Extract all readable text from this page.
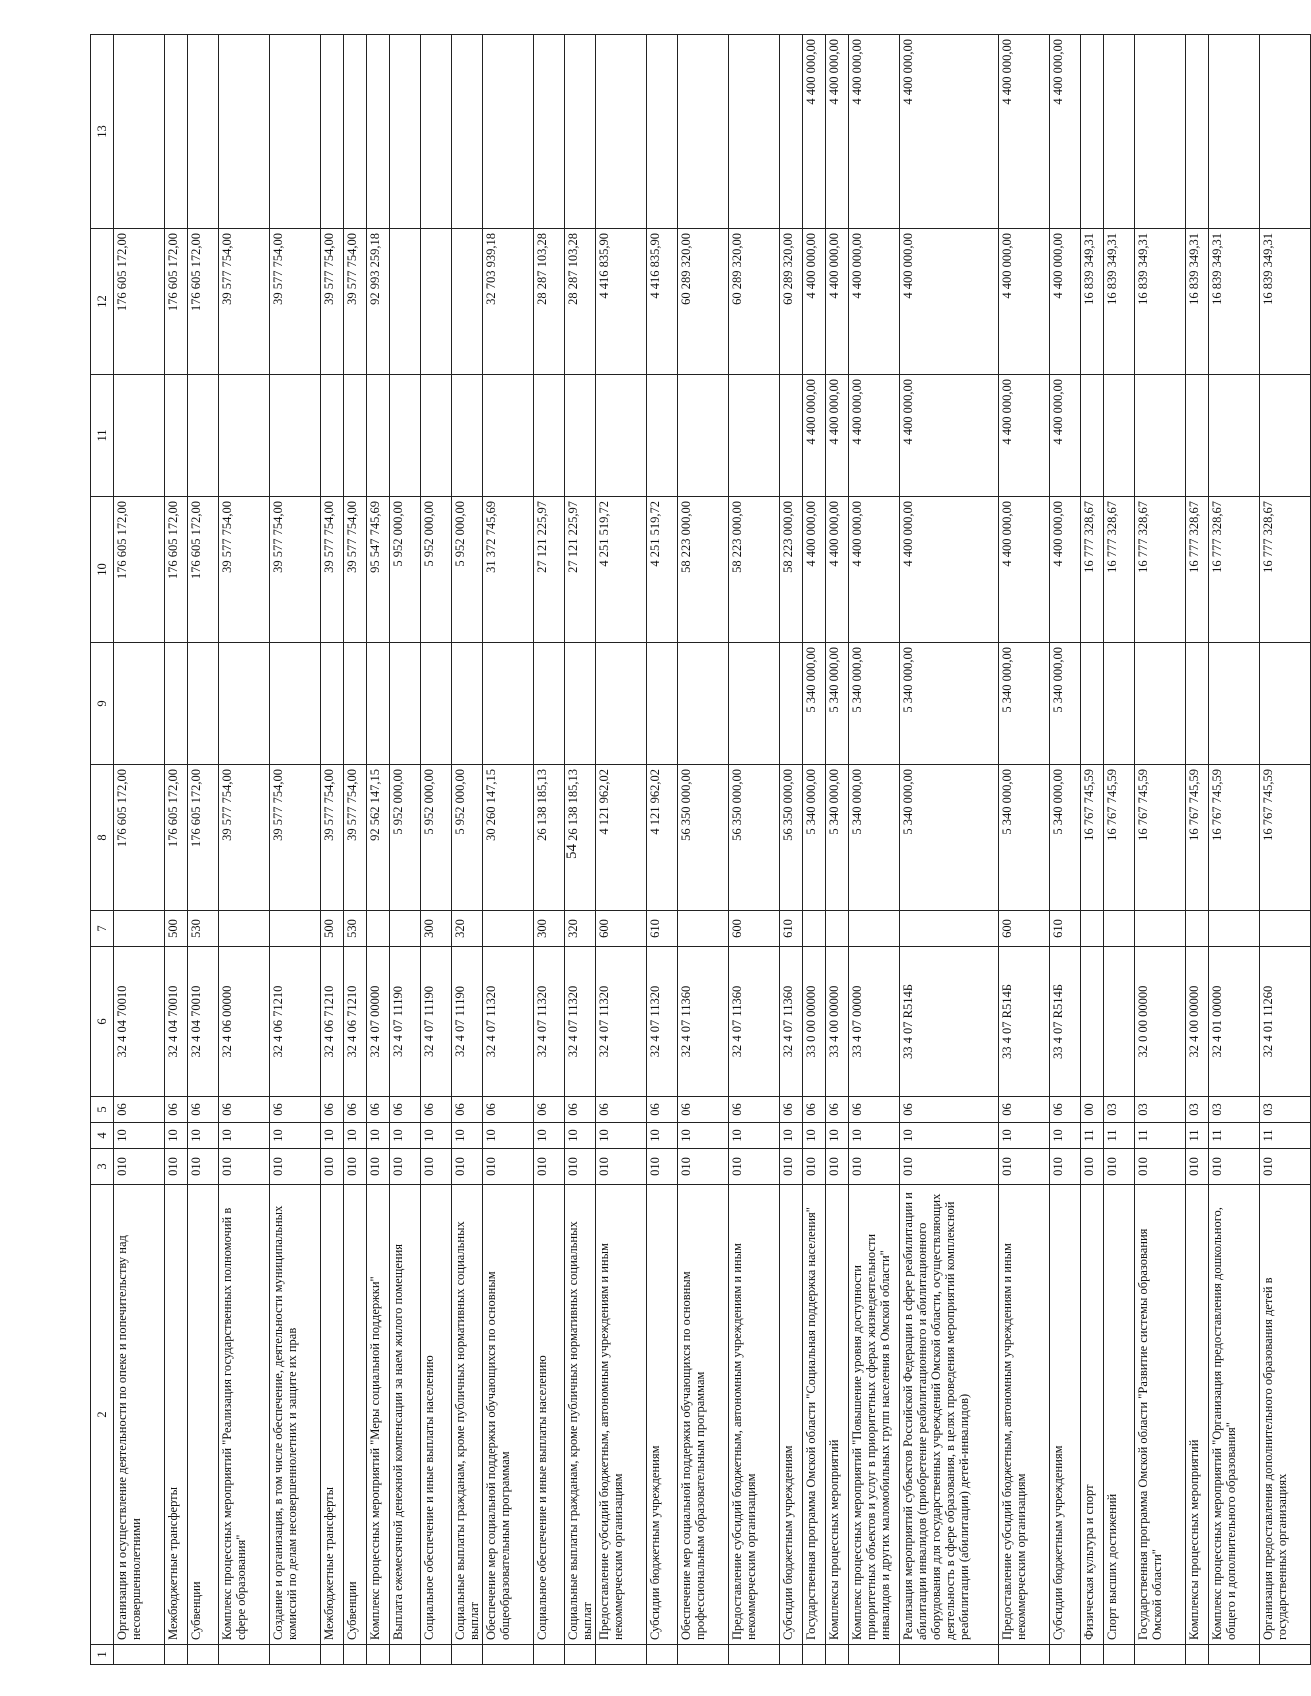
54
1	2	3	4	5	6	7	8	9	10	11	12	13
	Организация и осуществление деятельности по опеке и попечительству над несовершеннолетними	010	10	06	32 4 04 70010		176 605 172,00		176 605 172,00		176 605 172,00	
	Межбюджетные трансферты	010	10	06	32 4 04 70010	500	176 605 172,00		176 605 172,00		176 605 172,00	
	Субвенции	010	10	06	32 4 04 70010	530	176 605 172,00		176 605 172,00		176 605 172,00	
	Комплекс процессных мероприятий "Реализация государственных полномочий в сфере образования"	010	10	06	32 4 06 00000		39 577 754,00		39 577 754,00		39 577 754,00	
	Создание и организация, в том числе обеспечение, деятельности муниципальных комиссий по делам несовершеннолетних и защите их прав	010	10	06	32 4 06 71210		39 577 754,00		39 577 754,00		39 577 754,00	
	Межбюджетные трансферты	010	10	06	32 4 06 71210	500	39 577 754,00		39 577 754,00		39 577 754,00	
	Субвенции	010	10	06	32 4 06 71210	530	39 577 754,00		39 577 754,00		39 577 754,00	
	Комплекс процессных мероприятий "Меры социальной поддержки"	010	10	06	32 4 07 00000		92 562 147,15		95 547 745,69		92 993 259,18	
	Выплата ежемесячной денежной компенсации за наем жилого помещения	010	10	06	32 4 07 11190		5 952 000,00		5 952 000,00			
	Социальное обеспечение и иные выплаты населению	010	10	06	32 4 07 11190	300	5 952 000,00		5 952 000,00			
	Социальные выплаты гражданам, кроме публичных нормативных социальных выплат	010	10	06	32 4 07 11190	320	5 952 000,00		5 952 000,00			
	Обеспечение мер социальной поддержки обучающихся по основным общеобразовательным программам	010	10	06	32 4 07 11320		30 260 147,15		31 372 745,69		32 703 939,18	
	Социальное обеспечение и иные выплаты населению	010	10	06	32 4 07 11320	300	26 138 185,13		27 121 225,97		28 287 103,28	
	Социальные выплаты гражданам, кроме публичных нормативных социальных выплат	010	10	06	32 4 07 11320	320	26 138 185,13		27 121 225,97		28 287 103,28	
	Предоставление субсидий бюджетным, автономным учреждениям и иным некоммерческим организациям	010	10	06	32 4 07 11320	600	4 121 962,02		4 251 519,72		4 416 835,90	
	Субсидии бюджетным учреждениям	010	10	06	32 4 07 11320	610	4 121 962,02		4 251 519,72		4 416 835,90	
	Обеспечение мер социальной поддержки обучающихся по основным профессиональным образовательным программам	010	10	06	32 4 07 11360		56 350 000,00		58 223 000,00		60 289 320,00	
	Предоставление субсидий бюджетным, автономным учреждениям и иным некоммерческим организациям	010	10	06	32 4 07 11360	600	56 350 000,00		58 223 000,00		60 289 320,00	
	Субсидии бюджетным учреждениям	010	10	06	32 4 07 11360	610	56 350 000,00		58 223 000,00		60 289 320,00	
	Государственная программа Омской области "Социальная поддержка населения"	010	10	06	33 0 00 00000		5 340 000,00	5 340 000,00	4 400 000,00	4 400 000,00	4 400 000,00	4 400 000,00
	Комплексы процессных мероприятий	010	10	06	33 4 00 00000		5 340 000,00	5 340 000,00	4 400 000,00	4 400 000,00	4 400 000,00	4 400 000,00
	Комплекс процессных мероприятий "Повышение уровня доступности приоритетных объектов и услуг в приоритетных сферах жизнедеятельности инвалидов и других маломобильных групп населения в Омской области"	010	10	06	33 4 07 00000		5 340 000,00	5 340 000,00	4 400 000,00	4 400 000,00	4 400 000,00	4 400 000,00
	Реализация мероприятий субъектов Российской Федерации в сфере реабилитации и абилитации инвалидов (приобретение реабилитационного и абилитационного оборудования для государственных учреждений Омской области, осуществляющих деятельность в сфере образования, в целях проведения мероприятий комплексной реабилитации (абилитации) детей-инвалидов)	010	10	06	33 4 07 R514Б		5 340 000,00	5 340 000,00	4 400 000,00	4 400 000,00	4 400 000,00	4 400 000,00
	Предоставление субсидий бюджетным, автономным учреждениям и иным некоммерческим организациям	010	10	06	33 4 07 R514Б	600	5 340 000,00	5 340 000,00	4 400 000,00	4 400 000,00	4 400 000,00	4 400 000,00
	Субсидии бюджетным учреждениям	010	10	06	33 4 07 R514Б	610	5 340 000,00	5 340 000,00	4 400 000,00	4 400 000,00	4 400 000,00	4 400 000,00
	Физическая культура и спорт	010	11	00			16 767 745,59		16 777 328,67		16 839 349,31	
	Спорт высших достижений	010	11	03			16 767 745,59		16 777 328,67		16 839 349,31	
	Государственная программа Омской области "Развитие системы образования Омской области"	010	11	03	32 0 00 00000		16 767 745,59		16 777 328,67		16 839 349,31	
	Комплексы процессных мероприятий	010	11	03	32 4 00 00000		16 767 745,59		16 777 328,67		16 839 349,31	
	Комплекс процессных мероприятий "Организация предоставления дошкольного, общего и дополнительного образования"	010	11	03	32 4 01 00000		16 767 745,59		16 777 328,67		16 839 349,31	
	Организация предоставления дополнительного образования детей в государственных организациях	010	11	03	32 4 01 11260		16 767 745,59		16 777 328,67		16 839 349,31	
